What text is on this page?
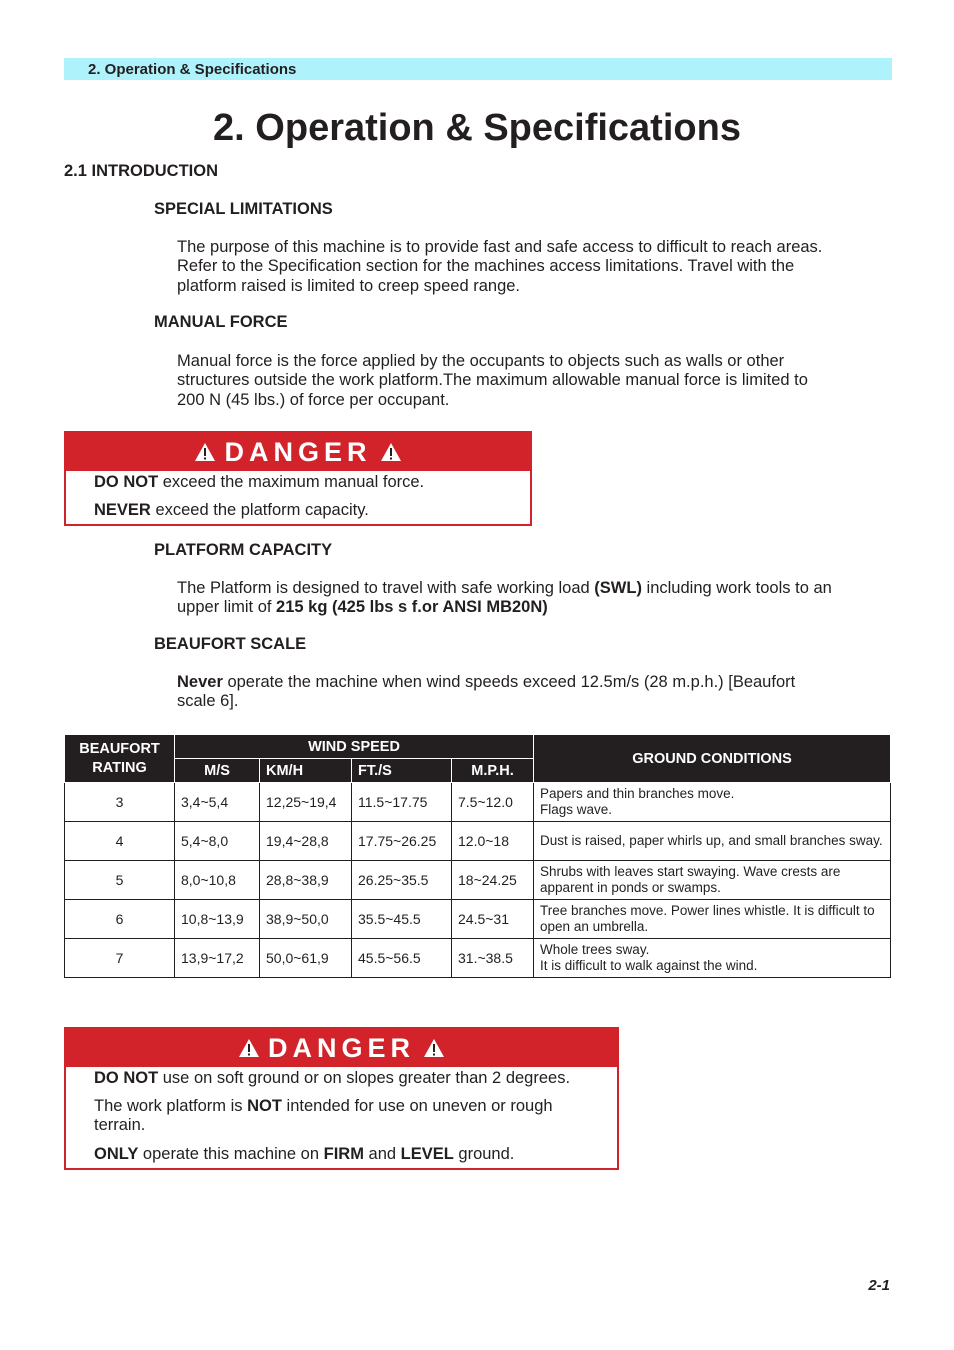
2. Operation & Specifications
2. Operation & Specifications
2.1 INTRODUCTION
SPECIAL LIMITATIONS
The purpose of this machine is to provide fast and safe access to difficult to reach areas.
Refer to the Specification section for the machines access limitations. Travel with the
platform raised is limited to creep speed range.
MANUAL FORCE
Manual force is the force applied by the occupants to objects such as walls or other
structures outside the work platform.The maximum allowable manual force is limited to
200 N (45 lbs.) of force per occupant.
DANGER

DO NOT exceed the maximum manual force.

NEVER exceed the platform capacity.

PLATFORM CAPACITY
The Platform is designed to travel with safe working load (SWL) including work tools to an
upper limit of 215 kg (425 lbs s f.or ANSI MB20N)
BEAUFORT SCALE
Never operate the machine when wind speeds exceed 12.5m/s (28 m.p.h.) [Beaufort
scale 6].
BEAUFORT RATING	WIND SPEED				GROUND CONDITIONS
	M/S	KM/H	FT./S	M.P.H.	
3	3,4~5,4	12,25~19,4	11.5~17.75	7.5~12.0	Papers and thin branches move.
Flags wave.
4	5,4~8,0	19,4~28,8	17.75~26.25	12.0~18	Dust is raised, paper whirls up, and small branches sway.
5	8,0~10,8	28,8~38,9	26.25~35.5	18~24.25	Shrubs with leaves start swaying. Wave crests are apparent in ponds or swamps.
6	10,8~13,9	38,9~50,0	35.5~45.5	24.5~31	Tree branches move. Power lines whistle. It is difficult to open an umbrella.
7	13,9~17,2	50,0~61,9	45.5~56.5	31.~38.5	Whole trees sway.
It is difficult to walk against the wind.
DANGER

DO NOT use on soft ground or on slopes greater than 2 degrees.

The work platform is NOT intended for use on uneven or rough

terrain.

ONLY operate this machine on FIRM and LEVEL ground.

2-1
